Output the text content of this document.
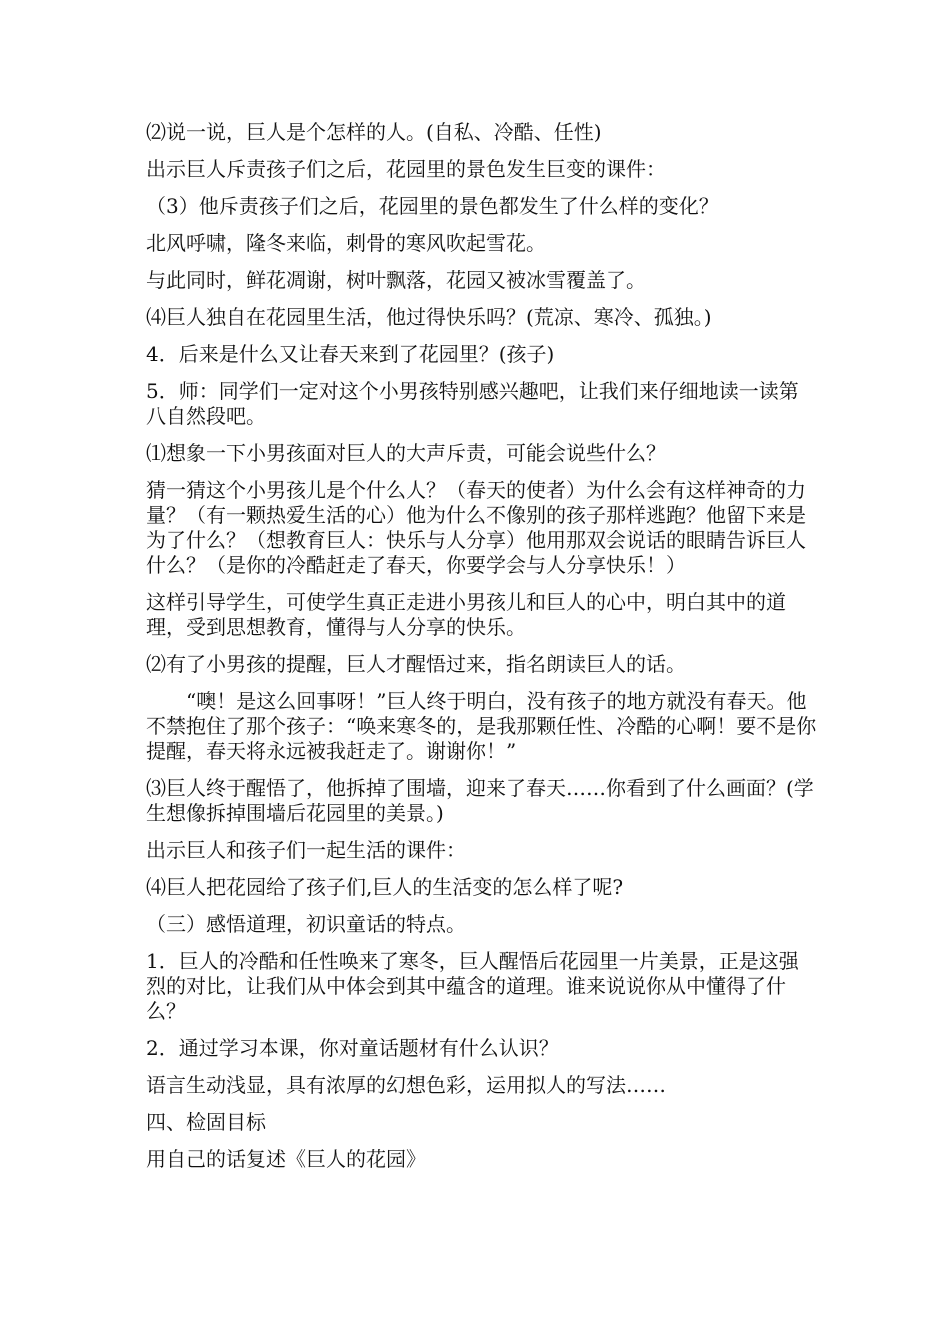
⑵说一说，巨人是个怎样的人。(自私、冷酷、任性)

出示巨人斥责孩子们之后，花园里的景色发生巨变的课件：

（3）他斥责孩子们之后，花园里的景色都发生了什么样的变化？

北风呼啸，隆冬来临，刺骨的寒风吹起雪花。

与此同时，鲜花凋谢，树叶飘落，花园又被冰雪覆盖了。

⑷巨人独自在花园里生活，他过得快乐吗？(荒凉、寒冷、孤独。)

4．后来是什么又让春天来到了花园里？(孩子)

5．师：同学们一定对这个小男孩特别感兴趣吧，让我们来仔细地读一读第八自然段吧。

⑴想象一下小男孩面对巨人的大声斥责，可能会说些什么？

猜一猜这个小男孩儿是个什么人？（春天的使者）为什么会有这样神奇的力量？（有一颗热爱生活的心）他为什么不像别的孩子那样逃跑？他留下来是为了什么？（想教育巨人：快乐与人分享）他用那双会说话的眼睛告诉巨人什么？（是你的冷酷赶走了春天，你要学会与人分享快乐！）

这样引导学生，可使学生真正走进小男孩儿和巨人的心中，明白其中的道理，受到思想教育，懂得与人分享的快乐。

⑵有了小男孩的提醒，巨人才醒悟过来，指名朗读巨人的话。

“噢！是这么回事呀！”巨人终于明白，没有孩子的地方就没有春天。他不禁抱住了那个孩子：“唤来寒冬的，是我那颗任性、冷酷的心啊！要不是你提醒，春天将永远被我赶走了。谢谢你！”

⑶巨人终于醒悟了，他拆掉了围墙，迎来了春天……你看到了什么画面？(学生想像拆掉围墙后花园里的美景。)

出示巨人和孩子们一起生活的课件：

⑷巨人把花园给了孩子们,巨人的生活变的怎么样了呢?

（三）感悟道理，初识童话的特点。

1．巨人的冷酷和任性唤来了寒冬，巨人醒悟后花园里一片美景，正是这强烈的对比，让我们从中体会到其中蕴含的道理。谁来说说你从中懂得了什么？

2．通过学习本课，你对童话题材有什么认识？

语言生动浅显，具有浓厚的幻想色彩，运用拟人的写法……

四、检固目标

用自己的话复述《巨人的花园》
